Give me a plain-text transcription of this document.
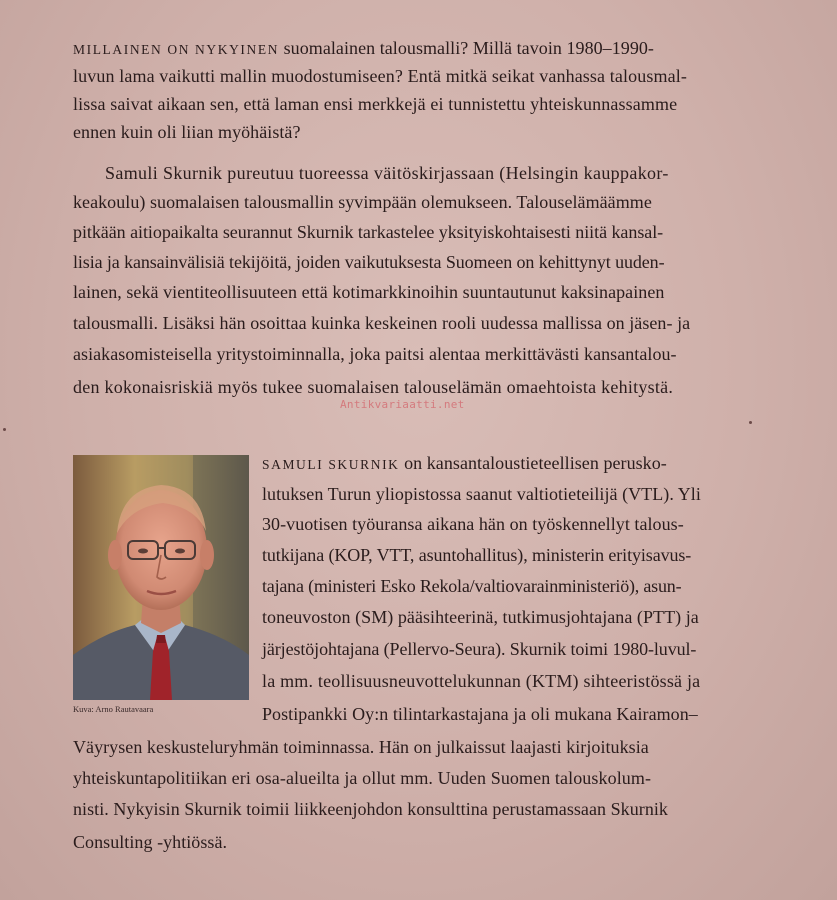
MILLAINEN ON NYKYINEN suomalainen talousmalli? Millä tavoin 1980–1990-
luvun lama vaikutti mallin muodostumiseen? Entä mitkä seikat vanhassa talousmal-
lissa saivat aikaan sen, että laman ensi merkkejä ei tunnistettu yhteiskunnassamme
ennen kuin oli liian myöhäistä?
Samuli Skurnik pureutuu tuoreessa väitöskirjassaan (Helsingin kauppakor-
keakoulu) suomalaisen talousmallin syvimpään olemukseen. Talouselämäämme
pitkään aitiopaikalta seurannut Skurnik tarkastelee yksityiskohtaisesti niitä kansal-
lisia ja kansainvälisiä tekijöitä, joiden vaikutuksesta Suomeen on kehittynyt uuden-
lainen, sekä vientiteollisuuteen että kotimarkkinoihin suuntautunut kaksinapainen
talousmalli. Lisäksi hän osoittaa kuinka keskeinen rooli uudessa mallissa on jäsen- ja
asiakasomisteisella yritystoiminnalla, joka paitsi alentaa merkittävästi kansantalou-
den kokonaisriskiä myös tukee suomalaisen talouselämän omaehtoista kehitystä.
Antikvariaatti.net
Kuva: Arno Rautavaara
SAMULI SKURNIK on kansantaloustieteellisen perusko-
lutuksen Turun yliopistossa saanut valtiotieteilijä (VTL). Yli
30-vuotisen työuransa aikana hän on työskennellyt talous-
tutkijana (KOP, VTT, asuntohallitus), ministerin erityisavus-
tajana (ministeri Esko Rekola/valtiovarainministeriö), asun-
toneuvoston (SM) pääsihteerinä, tutkimusjohtajana (PTT) ja
järjestöjohtajana (Pellervo-Seura). Skurnik toimi 1980-luvul-
la mm. teollisuusneuvottelukunnan (KTM) sihteeristössä ja
Postipankki Oy:n tilintarkastajana ja oli mukana Kairamon–
Väyrysen keskusteluryhmän toiminnassa. Hän on julkaissut laajasti kirjoituksia
yhteiskuntapolitiikan eri osa-alueilta ja ollut mm. Uuden Suomen talouskolum-
nisti. Nykyisin Skurnik toimii liikkeenjohdon konsulttina perustamassaan Skurnik
Consulting -yhtiössä.
